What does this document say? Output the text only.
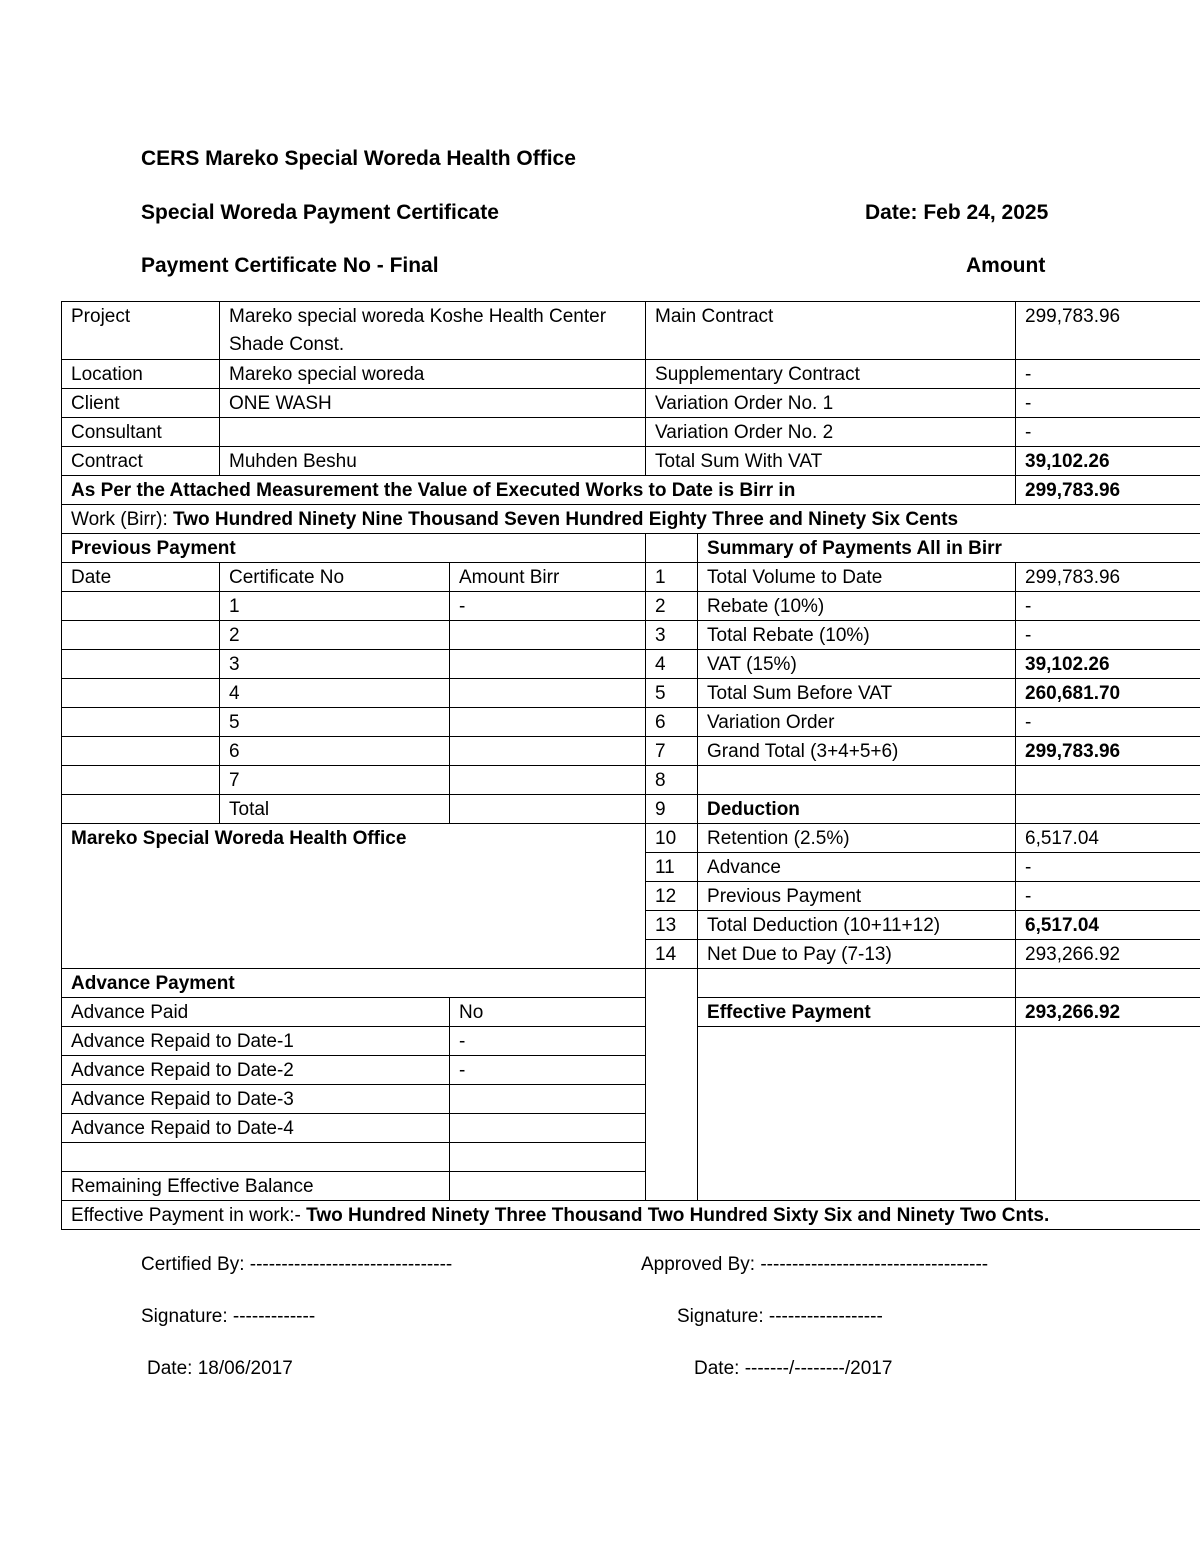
CERS Mareko Special Woreda Health Office
Special Woreda Payment Certificate	Date: Feb 24, 2025
Payment Certificate No - Final	Amount
Project	Mareko special woreda Koshe Health Center Shade Const.		Main Contract		299,783.96
Location	Mareko special woreda		Supplementary Contract		-
Client	ONE WASH		Variation Order No. 1		-
Consultant			Variation Order No. 2		-
Contract	Muhden Beshu		Total Sum With VAT		39,102.26
As Per the Attached Measurement the Value of Executed Works to Date is Birr in					299,783.96
Work (Birr): Two Hundred Ninety Nine Thousand Seven Hundred Eighty Three and Ninety Six Cents					
Previous Payment				Summary of Payments All in Birr	
Date	Certificate No	Amount Birr	1	Total Volume to Date	299,783.96
	1	-	2	Rebate (10%)	-
	2		3	Total Rebate (10%)	-
	3		4	VAT (15%)	39,102.26
	4		5	Total Sum Before VAT	260,681.70
	5		6	Variation Order	-
	6		7	Grand Total (3+4+5+6)	299,783.96
	7		8		
	Total		9	Deduction	
Mareko Special Woreda Health Office			10	Retention (2.5%)	6,517.04
			11	Advance	-
			12	Previous Payment	-
			13	Total Deduction (10+11+12)	6,517.04
			14	Net Due to Pay (7-13)	293,266.92
Advance Payment					
Advance Paid		No		Effective Payment	293,266.92
Advance Repaid to Date-1		-			
Advance Repaid to Date-2		-			
Advance Repaid to Date-3					
Advance Repaid to Date-4					

Remaining Effective Balance					
Effective Payment in work:- Two Hundred Ninety Three Thousand Two Hundred Sixty Six and Ninety Two Cnts.					
Certified By: --------------------------------	Approved By: ------------------------------------
Signature: -------------	Signature: ------------------
Date: 18/06/2017	Date: -------/--------/2017
